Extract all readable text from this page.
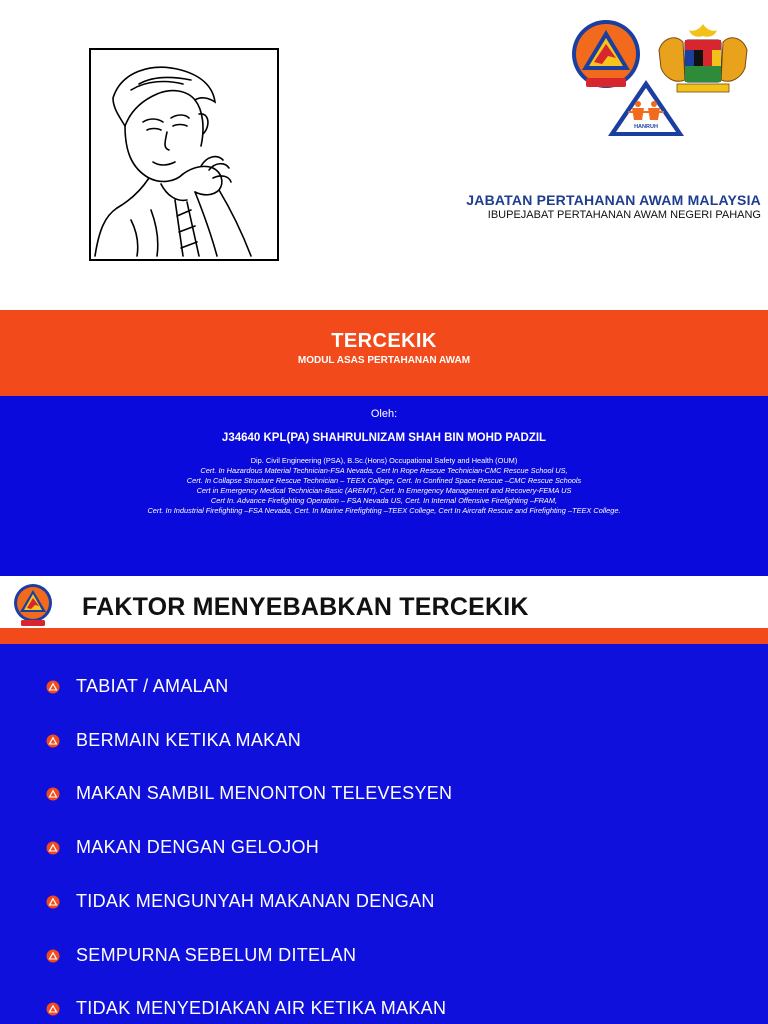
HANRUH
JABATAN PERTAHANAN AWAM MALAYSIA
IBUPEJABAT PERTAHANAN AWAM NEGERI PAHANG
TERCEKIK
MODUL ASAS PERTAHANAN AWAM
Oleh:
J34640 KPL(PA) SHAHRULNIZAM SHAH BIN MOHD PADZIL
Dip. Civil Engineering (PSA), B.Sc.(Hons) Occupational Safety and Health (OUM)
Cert. In Hazardous Material Technician-FSA Nevada, Cert In Rope Rescue Technician-CMC Rescue School US,
Cert. In Collapse Structure Rescue Technician – TEEX College, Cert. In Confined Space Rescue –CMC Rescue Schools
Cert in Emergency Medical Technician-Basic (AREMT), Cert. In Emergency Management and Recovery-FEMA US
Cert In. Advance Firefighting Operation – FSA Nevada US, Cert. In Internal Offensive Firefighting –FRAM,
Cert. In Industrial Firefighting –FSA Nevada, Cert. In Marine Firefighting –TEEX College, Cert In Aircraft Rescue and Firefighting –TEEX College.
FAKTOR MENYEBABKAN TERCEKIK
TABIAT / AMALAN
BERMAIN KETIKA MAKAN
MAKAN SAMBIL MENONTON TELEVESYEN
MAKAN DENGAN GELOJOH
TIDAK MENGUNYAH MAKANAN DENGAN
SEMPURNA SEBELUM DITELAN
TIDAK MENYEDIAKAN AIR KETIKA MAKAN
